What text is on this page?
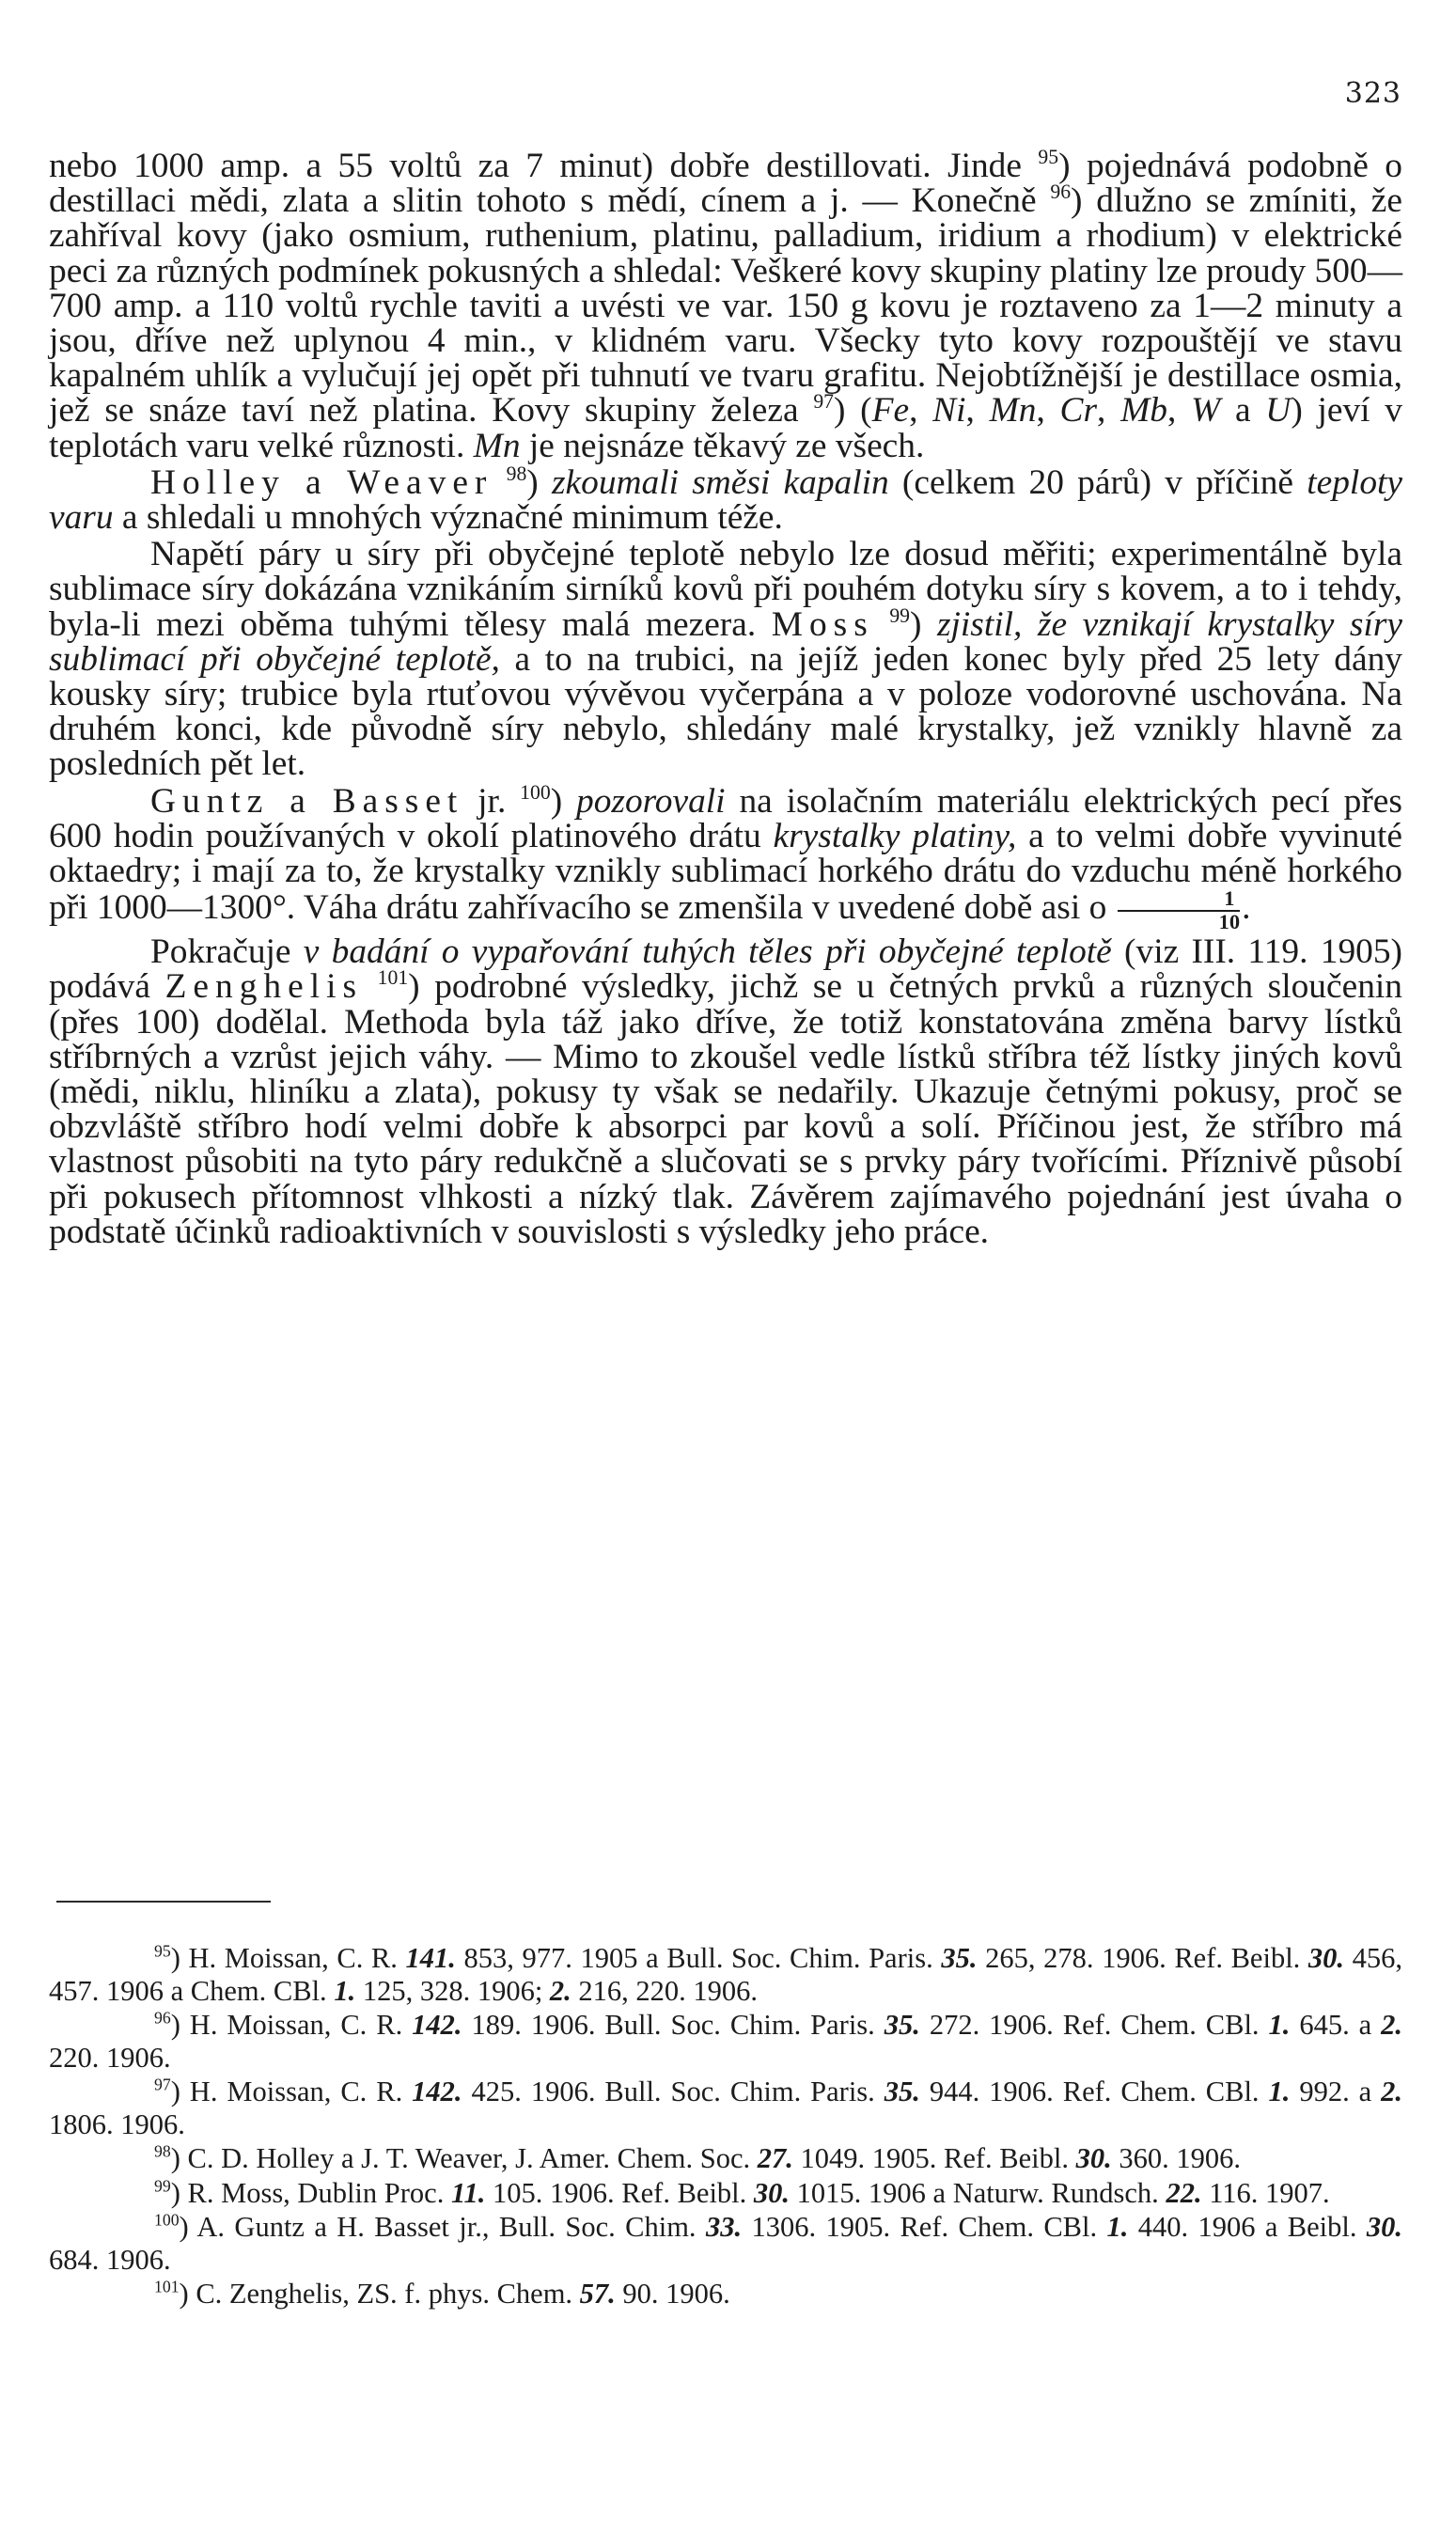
323

nebo 1000 amp. a 55 voltů za 7 minut) dobře destillovati. Jinde $^{95}$) pojednává podobně o destillaci mědi, zlata a slitin tohoto s mědí, cínem a j. — Konečně $^{96}$) dlužno se zmíniti, že zahříval kovy (jako osmium, ruthenium, platinu, palladium, iridium a rhodium) v elektrické peci za různých podmínek pokusných a shledal: Veškeré kovy skupiny platiny lze proudy 500—700 amp. a 110 voltů rychle taviti a uvésti ve var. 150 g kovu je roztaveno za 1—2 minuty a jsou, dříve než uplynou 4 min., v klidném varu. Všecky tyto kovy rozpouštějí ve stavu kapalném uhlík a vylučují jej opět při tuhnutí ve tvaru grafitu. Nejobtížnější je destillace osmia, jež se snáze taví než platina. Kovy skupiny železa $^{97}$) (Fe, Ni, Mn, Cr, Mb, W a U) jeví v teplotách varu velké různosti. Mn je nejsnáze těkavý ze všech.

Holley a Weaver $^{98}$) zkoumali směsi kapalin (celkem 20 párů) v příčině teploty varu a shledali u mnohých význačné minimum téže.

Napětí páry u síry při obyčejné teplotě nebylo lze dosud měřiti; experimentálně byla sublimace síry dokázána vznikáním sirníků kovů při pouhém dotyku síry s kovem, a to i tehdy, byla-li mezi oběma tuhými tělesy malá mezera. Moss $^{99}$) zjistil, že vznikají krystalky síry sublimací při obyčejné teplotě, a to na trubici, na jejíž jeden konec byly před 25 lety dány kousky síry; trubice byla rtuťovou vývěvou vyčerpána a v poloze vodorovné uschována. Na druhém konci, kde původně síry nebylo, shledány malé krystalky, jež vznikly hlavně za posledních pět let.

Guntz a Basset jr. $^{100}$) pozorovali na isolačním materiálu elektrických pecí přes 600 hodin používaných v okolí platinového drátu krystalky platiny, a to velmi dobře vyvinuté oktaedry; i mají za to, že krystalky vznikly sublimací horkého drátu do vzduchu méně horkého při 1000—1300°. Váha drátu zahřívacího se zmenšila v uvedené době asi o $\frac{1}{10}$ .

Pokračuje v badání o vypařování tuhých těles při obyčejné teplotě (viz III. 119. 1905) podává Zenghelis $^{101}$) podrobné výsledky, jichž se u četných prvků a různých sloučenin (přes 100) dodělal. Methoda byla táž jako dříve, že totiž konstatována změna barvy lístků stříbrných a vzrůst jejich váhy. — Mimo to zkoušel vedle lístků stříbra též lístky jiných kovů (mědi, niklu, hliníku a zlata), pokusy ty však se nedařily. Ukazuje četnými pokusy, proč se obzvláště stříbro hodí velmi dobře k absorpci par kovů a solí. Příčinou jest, že stříbro má vlastnost působiti na tyto páry redukčně a slučovati se s prvky páry tvořícími. Příznivě působí při pokusech přítomnost vlhkosti a nízký tlak. Závěrem zajímavého pojednání jest úvaha o podstatě účinků radioaktivních v souvislosti s výsledky jeho práce.

$^{95}$) H. Moissan, C. R. 141. 853, 977. 1905 a Bull. Soc. Chim. Paris. 35. 265, 278. 1906. Ref. Beibl. 30. 456, 457. 1906 a Chem. CBl. 1. 125, 328. 1906; 2. 216, 220. 1906.

$^{96}$) H. Moissan, C. R. 142. 189. 1906. Bull. Soc. Chim. Paris. 35. 272. 1906. Ref. Chem. CBl. 1. 645. a 2. 220. 1906.

$^{97}$) H. Moissan, C. R. 142. 425. 1906. Bull. Soc. Chim. Paris. 35. 944. 1906. Ref. Chem. CBl. 1. 992. a 2. 1806. 1906.

$^{98}$) C. D. Holley a J. T. Weaver, J. Amer. Chem. Soc. 27. 1049. 1905. Ref. Beibl. 30. 360. 1906.

$^{99}$) R. Moss, Dublin Proc. 11. 105. 1906. Ref. Beibl. 30. 1015. 1906 a Naturw. Rundsch. 22. 116. 1907.

$^{100}$) A. Guntz a H. Basset jr., Bull. Soc. Chim. 33. 1306. 1905. Ref. Chem. CBl. 1. 440. 1906 a Beibl. 30. 684. 1906.

$^{101}$) C. Zenghelis, ZS. f. phys. Chem. 57. 90. 1906.
